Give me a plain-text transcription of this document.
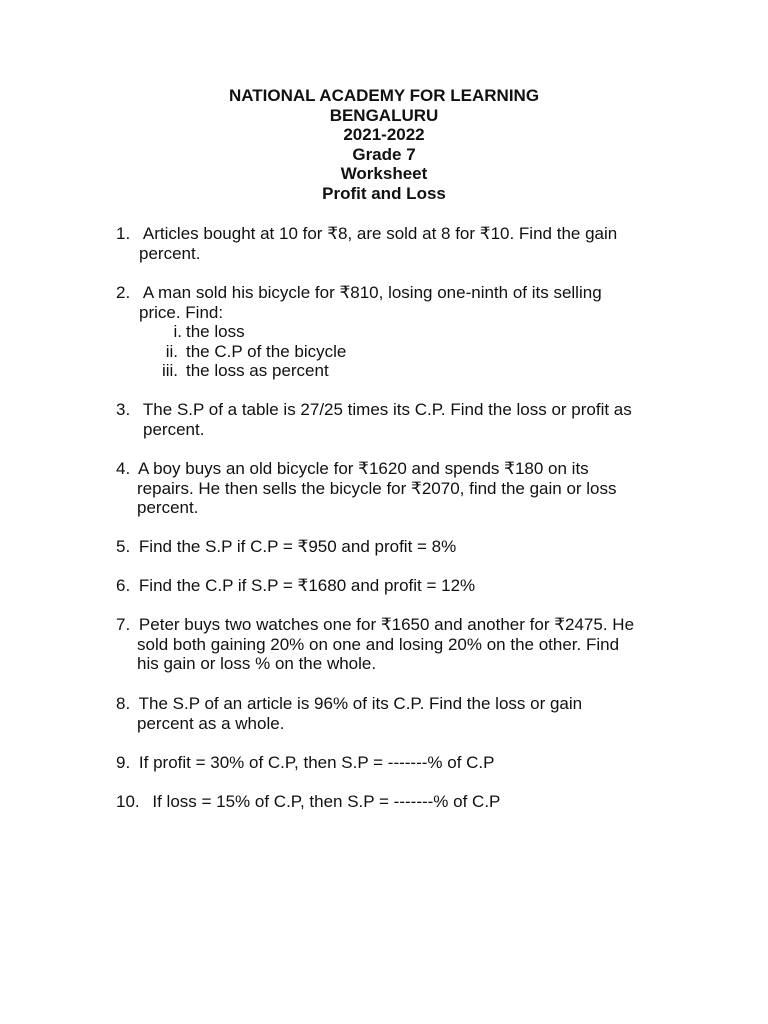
NATIONAL ACADEMY FOR LEARNING
BENGALURU
2021-2022
Grade 7
Worksheet
Profit and Loss
1. Articles bought at 10 for ₹8, are sold at 8 for ₹10. Find the gain
percent.
2. A man sold his bicycle for ₹810, losing one-ninth of its selling
price. Find:
i. the loss
ii. the C.P of the bicycle
iii. the loss as percent
3. The S.P of a table is 27/25 times its C.P. Find the loss or profit as
percent.
4. A boy buys an old bicycle for ₹1620 and spends ₹180 on its
repairs. He then sells the bicycle for ₹2070, find the gain or loss
percent.
5. Find the S.P if C.P = ₹950 and profit = 8%
6. Find the C.P if S.P = ₹1680 and profit = 12%
7. Peter buys two watches one for ₹1650 and another for ₹2475. He
sold both gaining 20% on one and losing 20% on the other. Find
his gain or loss % on the whole.
8. The S.P of an article is 96% of its C.P. Find the loss or gain
percent as a whole.
9. If profit = 30% of C.P, then S.P = -------% of C.P
10. If loss = 15% of C.P, then S.P = -------% of C.P
